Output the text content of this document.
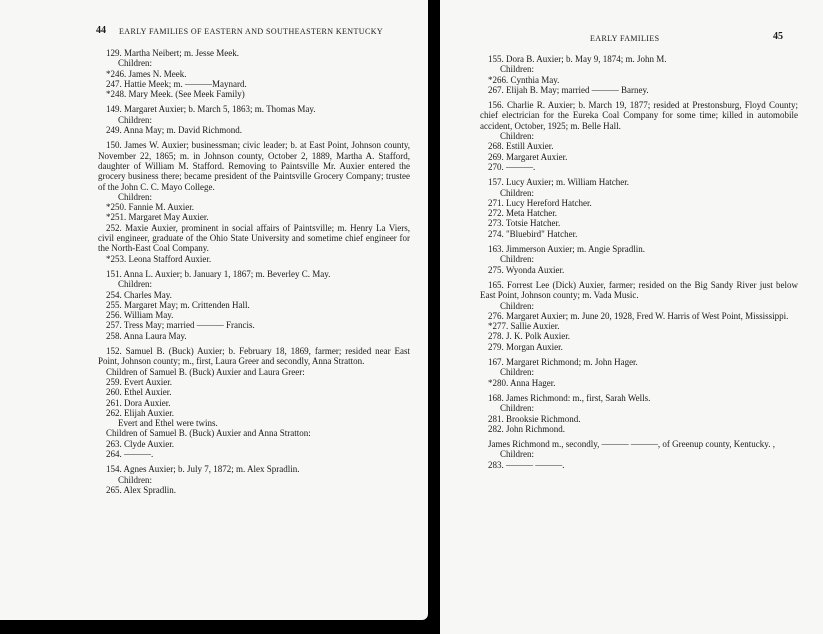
44 EARLY FAMILIES OF EASTERN AND SOUTHEASTERN KENTUCKY
129. Martha Neibert; m. Jesse Meek.
Children:
*246. James N. Meek.
247. Hattie Meek; m. ———Maynard.
*248. Mary Meek. (See Meek Family)
149. Margaret Auxier; b. March 5, 1863; m. Thomas May.
Children:
249. Anna May; m. David Richmond.
150. James W. Auxier; businessman; civic leader; b. at East Point, Johnson county, November 22, 1865; m. in Johnson county, October 2, 1889, Martha A. Stafford, daughter of William M. Stafford. Removing to Paintsville Mr. Auxier entered the grocery business there; became president of the Paintsville Grocery Company; trustee of the John C. C. Mayo College.
Children:
*250. Fannie M. Auxier.
*251. Margaret May Auxier.
252. Maxie Auxier, prominent in social affairs of Paintsville; m. Henry La Viers, civil engineer, graduate of the Ohio State University and sometime chief engineer for the North-East Coal Company.
*253. Leona Stafford Auxier.
151. Anna L. Auxier; b. January 1, 1867; m. Beverley C. May.
Children:
254. Charles May.
255. Margaret May; m. Crittenden Hall.
256. William May.
257. Tress May; married ——— Francis.
258. Anna Laura May.
152. Samuel B. (Buck) Auxier; b. February 18, 1869, farmer; resided near East Point, Johnson county; m., first, Laura Greer and secondly, Anna Stratton.
Children of Samuel B. (Buck) Auxier and Laura Greer:
259. Evert Auxier.
260. Ethel Auxier.
261. Dora Auxier.
262. Elijah Auxier.
Evert and Ethel were twins.
Children of Samuel B. (Buck) Auxier and Anna Stratton:
263. Clyde Auxier.
264. ———.
154. Agnes Auxier; b. July 7, 1872; m. Alex Spradlin.
Children:
265. Alex Spradlin.
EARLY FAMILIES	45
155. Dora B. Auxier; b. May 9, 1874; m. John M.
Children:
*266. Cynthia May.
267. Elijah B. May; married ——— Barney.
156. Charlie R. Auxier; b. March 19, 1877; resided at Prestonsburg, Floyd County; chief electrician for the Eureka Coal Company for some time; killed in automobile accident, October, 1925; m. Belle Hall.
Children:
268. Estill Auxier.
269. Margaret Auxier.
270. ———.
157. Lucy Auxier; m. William Hatcher.
Children:
271. Lucy Hereford Hatcher.
272. Meta Hatcher.
273. Totsie Hatcher.
274. "Bluebird" Hatcher.
163. Jimmerson Auxier; m. Angie Spradlin.
Children:
275. Wyonda Auxier.
165. Forrest Lee (Dick) Auxier, farmer; resided on the Big Sandy River just below East Point, Johnson county; m. Vada Music.
Children:
276. Margaret Auxier; m. June 20, 1928, Fred W. Harris of West Point, Mississippi.
*277. Sallie Auxier.
278. J. K. Polk Auxier.
279. Morgan Auxier.
167. Margaret Richmond; m. John Hager.
Children:
*280. Anna Hager.
168. James Richmond: m., first, Sarah Wells.
Children:
281. Brooksie Richmond.
282. John Richmond.
James Richmond m., secondly, ——— ———, of Greenup county, Kentucky. ,
Children:
283. ——— ———.
